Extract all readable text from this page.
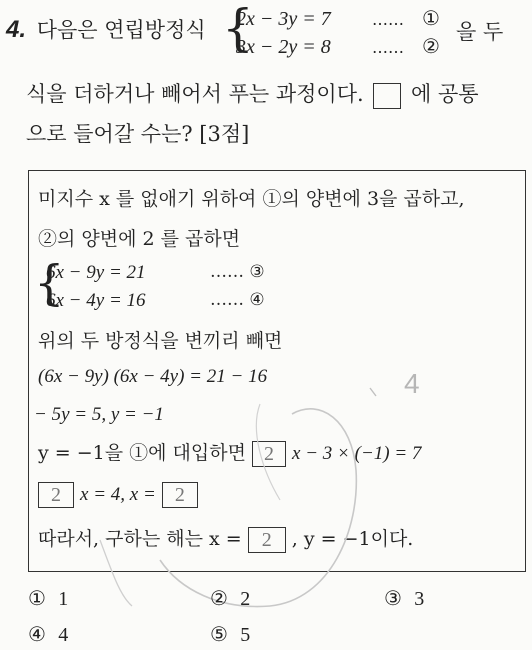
4. 다음은 연립방정식 {
2x − 3y = 7	…… ①
3x − 2y = 8	…… ②
을 두
식을 더하거나 빼어서 푸는 과정이다. 에 공통
으로 들어갈 수는? [3점]
미지수 x 를 없애기 위하여 ①의 양변에 3을 곱하고,
②의 양변에 2 를 곱하면
{
6x − 9y = 21	…… ③
6x − 4y = 16	…… ④
위의 두 방정식을 변끼리 빼면
(6x − 9y) (6x − 4y) = 21 − 16
− 5y = 5, y = −1
y = −1을 ①에 대입하면 2 x − 3 × (−1) = 7
2 x = 4, x = 2
따라서, 구하는 해는 x = 2 , y = −1이다.
4
① 1	② 2	③ 3
④ 4	⑤ 5
